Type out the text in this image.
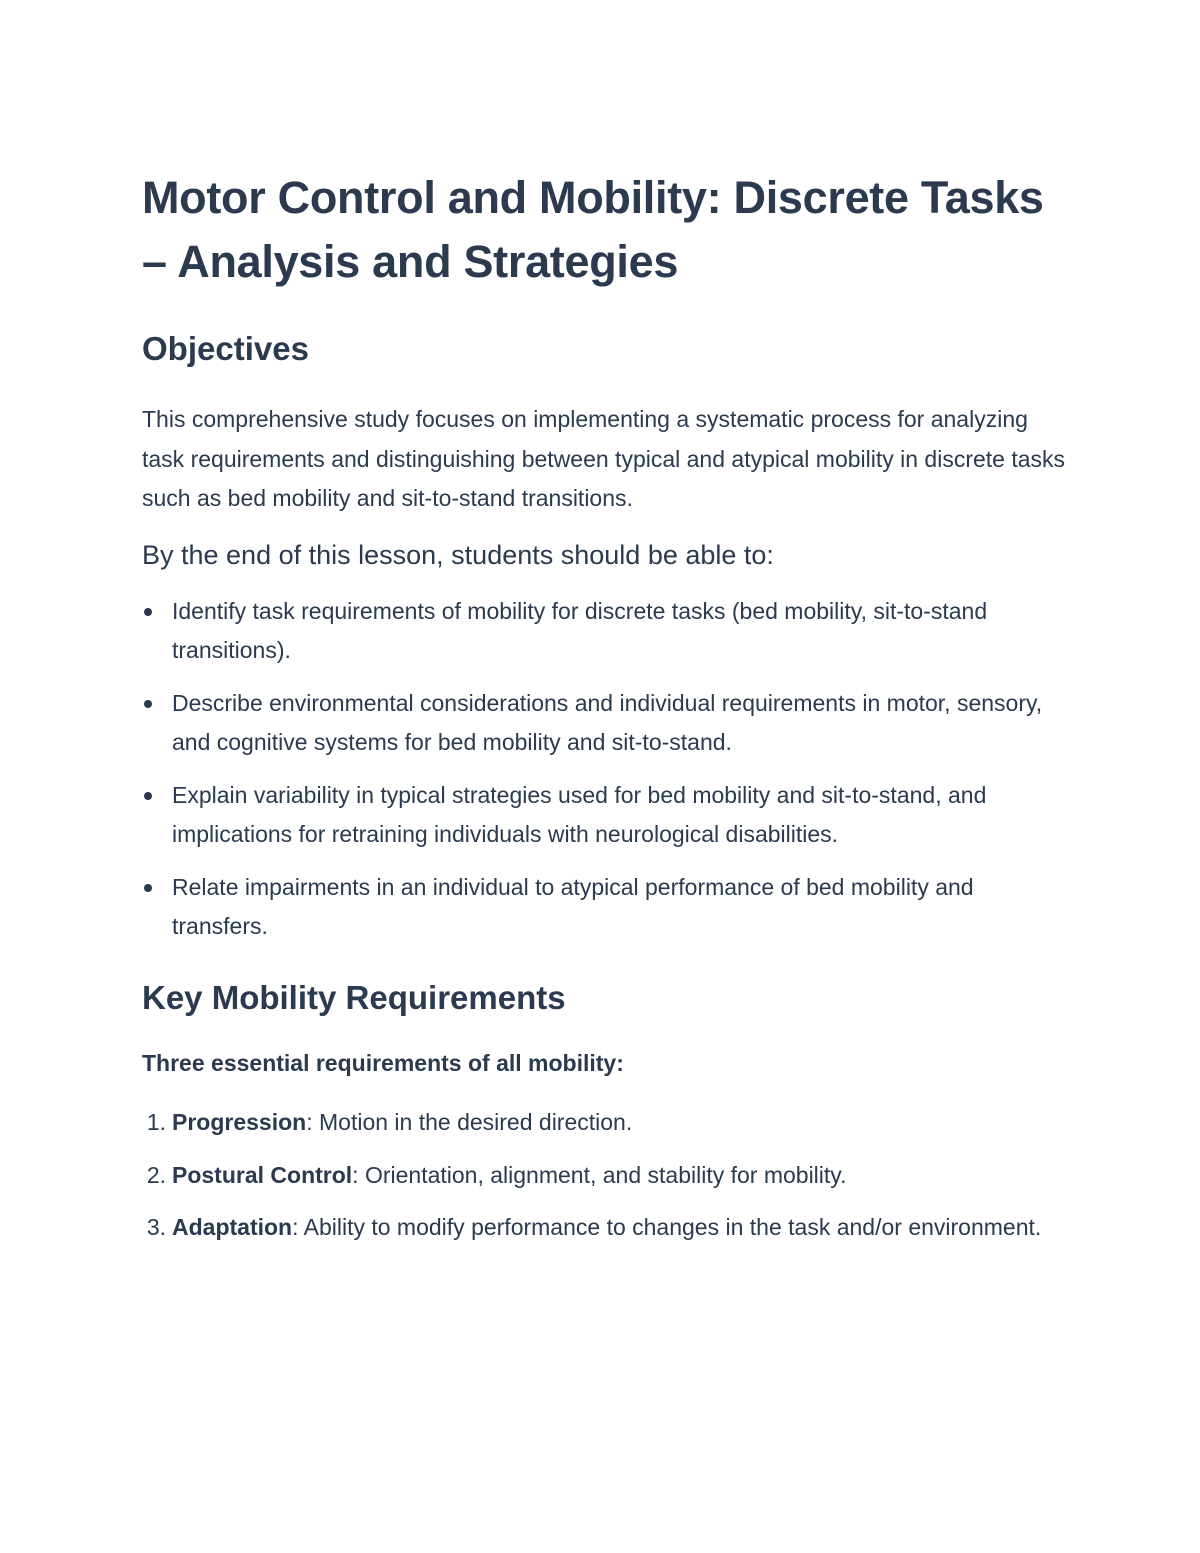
Motor Control and Mobility: Discrete Tasks – Analysis and Strategies
Objectives

This comprehensive study focuses on implementing a systematic process for analyzing task requirements and distinguishing between typical and atypical mobility in discrete tasks such as bed mobility and sit-to-stand transitions.

By the end of this lesson, students should be able to:
Identify task requirements of mobility for discrete tasks (bed mobility, sit-to-stand transitions).
Describe environmental considerations and individual requirements in motor, sensory, and cognitive systems for bed mobility and sit-to-stand.
Explain variability in typical strategies used for bed mobility and sit-to-stand, and implications for retraining individuals with neurological disabilities.
Relate impairments in an individual to atypical performance of bed mobility and transfers.
Key Mobility Requirements

Three essential requirements of all mobility:

1. Progression: Motion in the desired direction.
2. Postural Control: Orientation, alignment, and stability for mobility.
3. Adaptation: Ability to modify performance to changes in the task and/or environment.
